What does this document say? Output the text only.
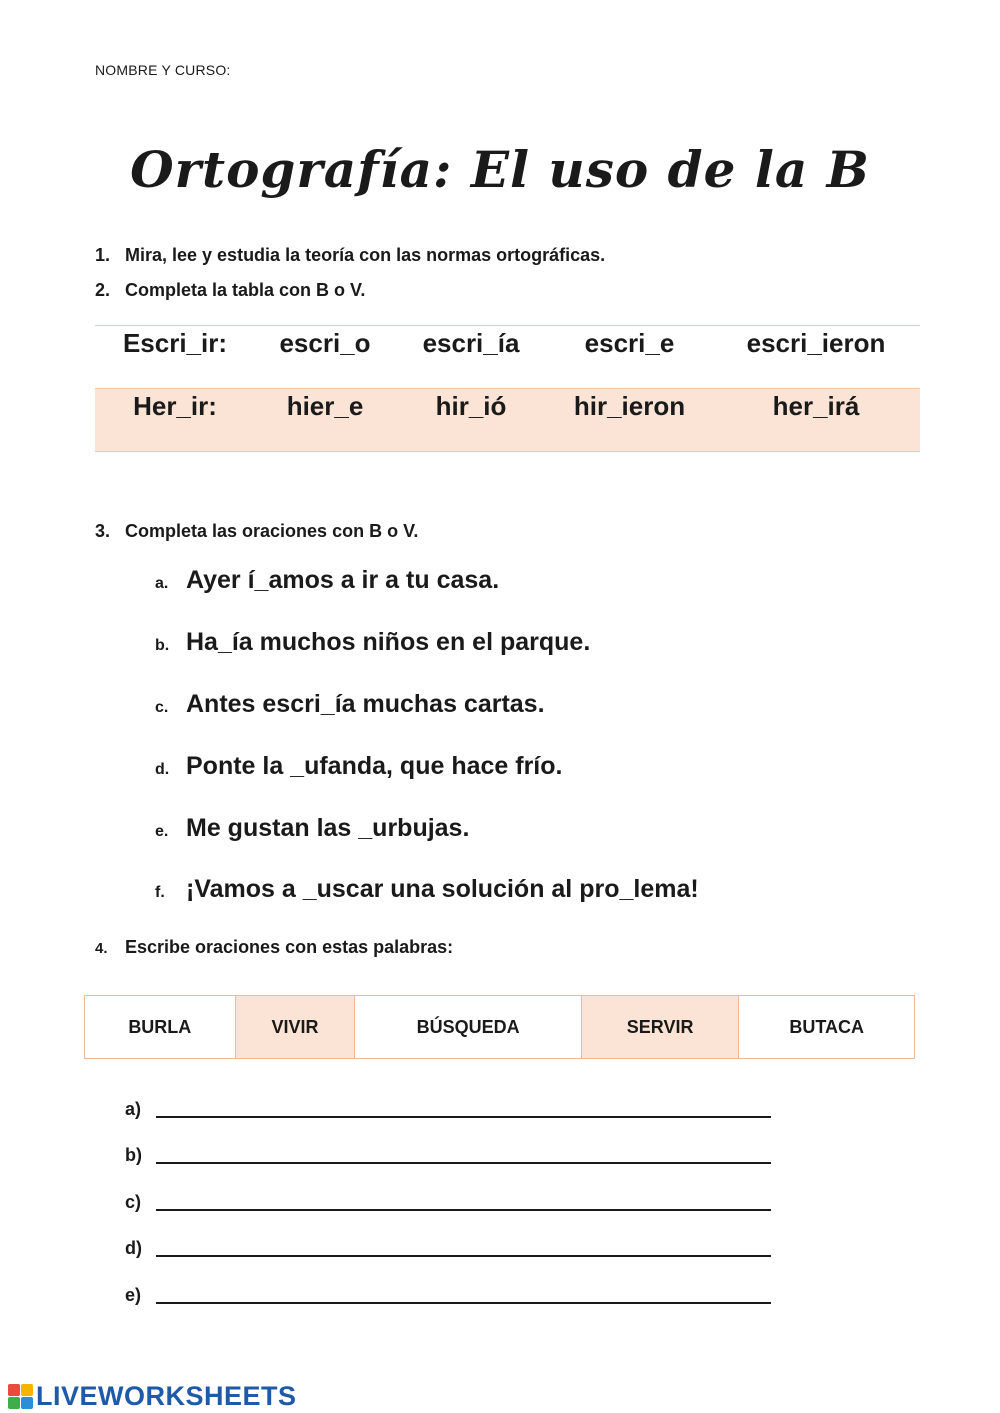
NOMBRE Y CURSO:
Ortografía: El uso de la B
1. Mira, lee y estudia la teoría con las normas ortográficas.
2. Completa la tabla con B o V.
Escri_ir:	escri_o	escri_ía	escri_e	escri_ieron
Her_ir:	hier_e	hir_ió	hir_ieron	her_irá
3. Completa las oraciones con B o V.
a. Ayer í_amos a ir a tu casa.
b. Ha_ía muchos niños en el parque.
c. Antes escri_ía muchas cartas.
d. Ponte la _ufanda, que hace frío.
e. Me gustan las _urbujas.
f. ¡Vamos a _uscar una solución al pro_lema!
4. Escribe oraciones con estas palabras:
BURLA	VIVIR	BÚSQUEDA	SERVIR	BUTACA
a)
b)
c)
d)
e)
LIVEWORKSHEETS
